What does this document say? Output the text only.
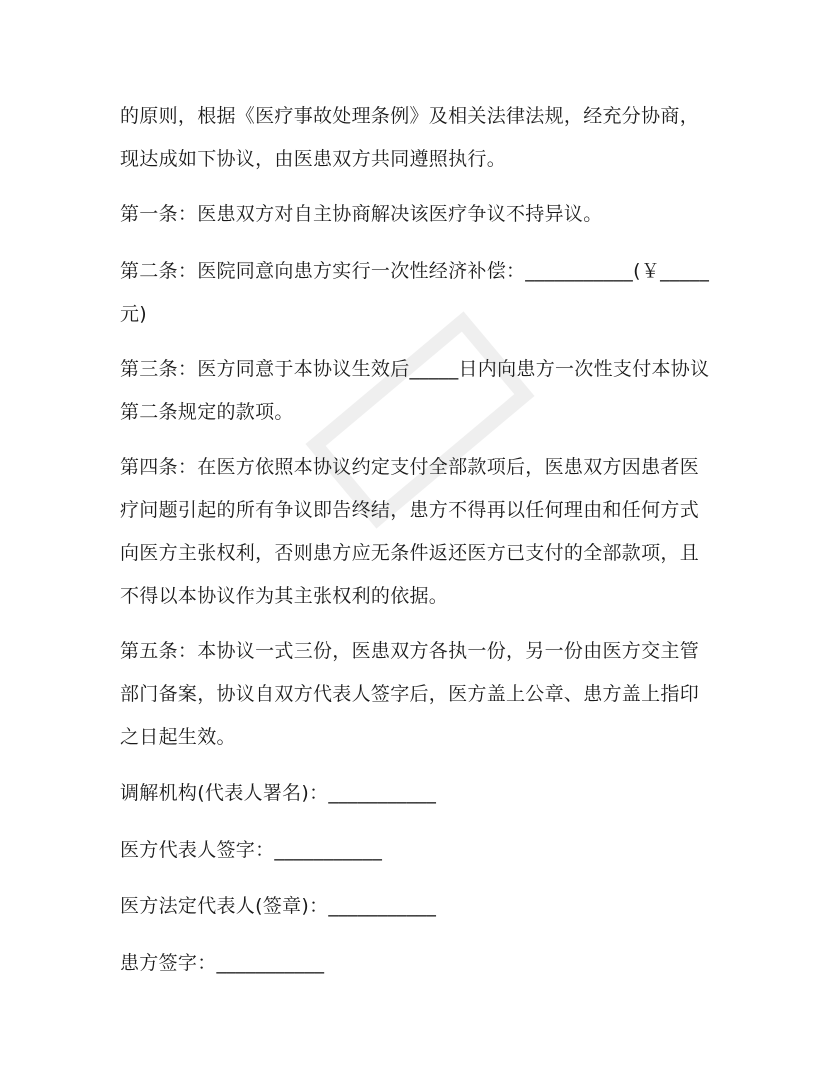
的原则，根据《医疗事故处理条例》及相关法律法规，经充分协商，
现达成如下协议，由医患双方共同遵照执行。
第一条：医患双方对自主协商解决该医疗争议不持异议。
第二条：医院同意向患方实行一次性经济补偿：___________(￥_____
元)
第三条：医方同意于本协议生效后_____日内向患方一次性支付本协议
第二条规定的款项。
第四条：在医方依照本协议约定支付全部款项后，医患双方因患者医
疗问题引起的所有争议即告终结，患方不得再以任何理由和任何方式
向医方主张权利，否则患方应无条件返还医方已支付的全部款项，且
不得以本协议作为其主张权利的依据。
第五条：本协议一式三份，医患双方各执一份，另一份由医方交主管
部门备案，协议自双方代表人签字后，医方盖上公章、患方盖上指印
之日起生效。
调解机构(代表人署名)：___________
医方代表人签字：___________
医方法定代表人(签章)：___________
患方签字：___________
